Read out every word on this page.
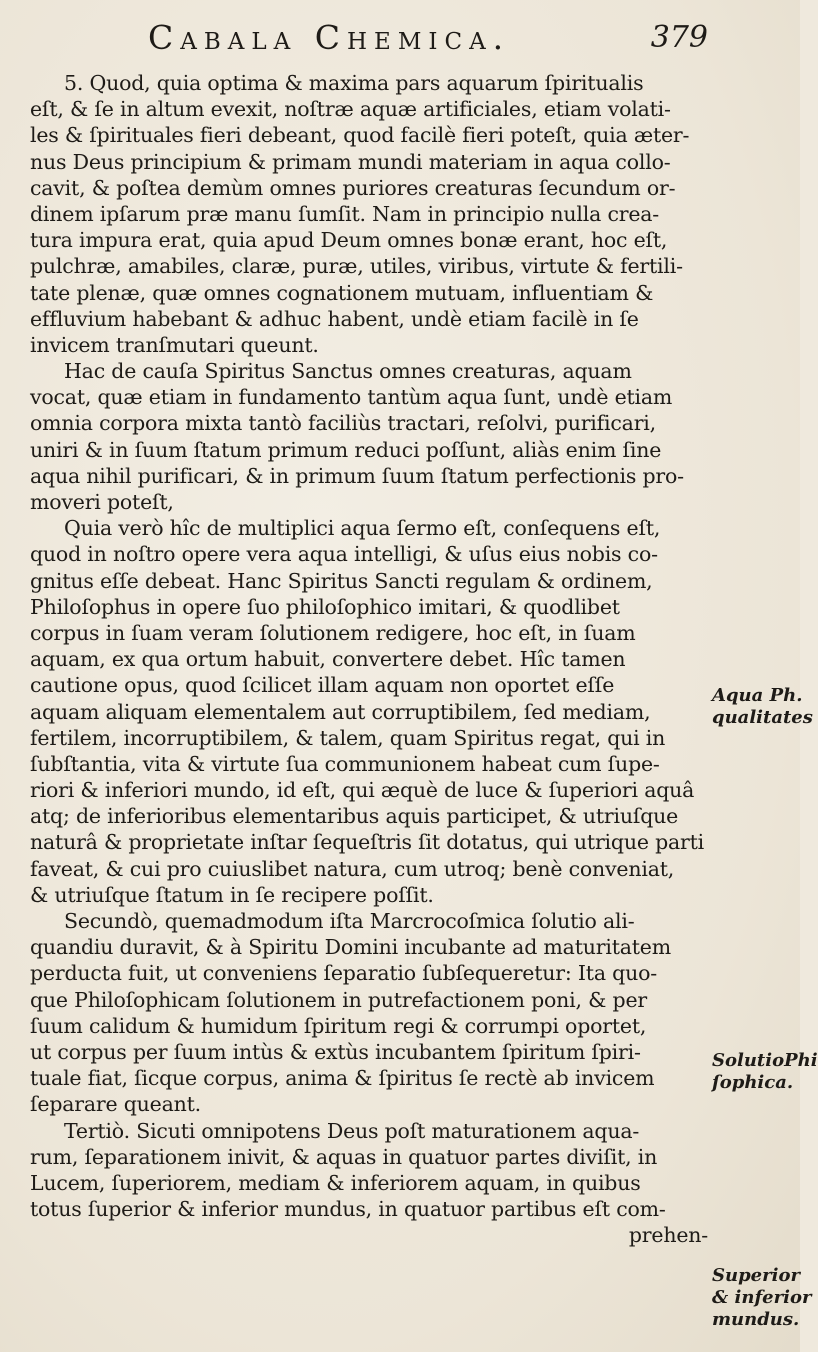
Cabala Chemica.	379
5. Quod, quia optima & maxima pars aquarum ſpiritualis
eſt, & ſe in altum evexit, noſtræ aquæ artificiales, etiam volati-
les & ſpirituales fieri debeant, quod facilè fieri poteſt, quia æter-
nus Deus principium & primam mundi materiam in aqua collo-
cavit, & poſtea demùm omnes puriores creaturas ſecundum or-
dinem ipſarum præ manu ſumſit. Nam in principio nulla crea-
tura impura erat, quia apud Deum omnes bonæ erant, hoc eſt,
pulchræ, amabiles, claræ, puræ, utiles, viribus, virtute & fertili-
tate plenæ, quæ omnes cognationem mutuam, influentiam &
effluvium habebant & adhuc habent, undè etiam facilè in ſe
invicem tranſmutari queunt.
Hac de cauſa Spiritus Sanctus omnes creaturas, aquam
vocat, quæ etiam in fundamento tantùm aqua ſunt, undè etiam
omnia corpora mixta tantò faciliùs tractari, reſolvi, purificari,
uniri & in ſuum ſtatum primum reduci poſſunt, aliàs enim ſine
aqua nihil purificari, & in primum ſuum ſtatum perfectionis pro-
moveri poteſt,
Quia verò hîc de multiplici aqua ſermo eſt, conſequens eſt,
quod in noſtro opere vera aqua intelligi, & uſus eius nobis co-
gnitus eſſe debeat. Hanc Spiritus Sancti regulam & ordinem,
Philoſophus in opere ſuo philoſophico imitari, & quodlibet
corpus in ſuam veram ſolutionem redigere, hoc eſt, in ſuam
aquam, ex qua ortum habuit, convertere debet. Hîc tamen
cautione opus, quod ſcilicet illam aquam non oportet eſſe
aquam aliquam elementalem aut corruptibilem, ſed mediam,
fertilem, incorruptibilem, & talem, quam Spiritus regat, qui in
ſubſtantia, vita & virtute ſua communionem habeat cum ſupe-
riori & inferiori mundo, id eſt, qui æquè de luce & ſuperiori aquâ
atq; de inferioribus elementaribus aquis participet, & utriuſque
naturâ & proprietate inſtar ſequeſtris ſit dotatus, qui utrique parti
faveat, & cui pro cuiuslibet natura, cum utroq; benè conveniat,
& utriuſque ſtatum in ſe recipere poſſit.
Secundò, quemadmodum iſta Marcrocoſmica ſolutio ali-
quandiu duravit, & à Spiritu Domini incubante ad maturitatem
perducta fuit, ut conveniens ſeparatio ſubſequeretur: Ita quo-
que Philoſophicam ſolutionem in putrefactionem poni, & per
ſuum calidum & humidum ſpiritum regi & corrumpi oportet,
ut corpus per ſuum intùs & extùs incubantem ſpiritum ſpiri-
tuale fiat, ſicque corpus, anima & ſpiritus ſe rectè ab invicem
ſeparare queant.
Tertiò. Sicuti omnipotens Deus poſt maturationem aqua-
rum, ſeparationem inivit, & aquas in quatuor partes diviſit, in
Lucem, ſuperiorem, mediam & inferiorem aquam, in quibus
totus ſuperior & inferior mundus, in quatuor partibus eſt com-
prehen-
Aqua Ph.
qualitates
SolutioPhi
ſophica.
Superior
& inferior
mundus.
